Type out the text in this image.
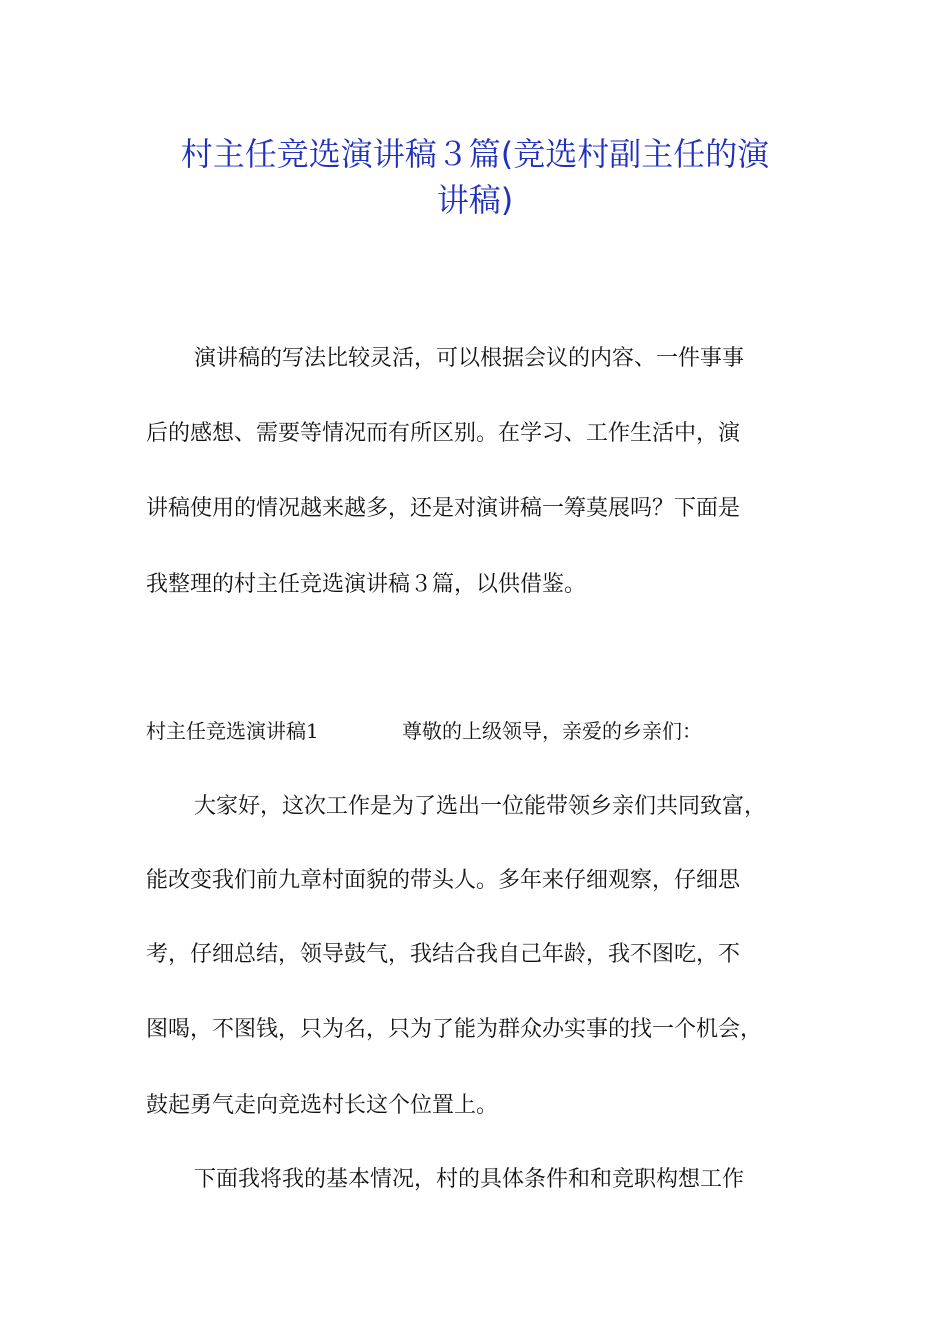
村主任竞选演讲稿３篇(竞选村副主任的演
讲稿)
演讲稿的写法比较灵活，可以根据会议的内容、一件事事
后的感想、需要等情况而有所区别。在学习、工作生活中，演
讲稿使用的情况越来越多，还是对演讲稿一筹莫展吗？下面是
我整理的村主任竞选演讲稿３篇，以供借鉴。
村主任竞选演讲稿1	尊敬的上级领导，亲爱的乡亲们：
大家好，这次工作是为了选出一位能带领乡亲们共同致富，
能改变我们前九章村面貌的带头人。多年来仔细观察，仔细思
考，仔细总结，领导鼓气，我结合我自己年龄，我不图吃，不
图喝，不图钱，只为名，只为了能为群众办实事的找一个机会，
鼓起勇气走向竞选村长这个位置上。
下面我将我的基本情况，村的具体条件和和竞职构想工作
